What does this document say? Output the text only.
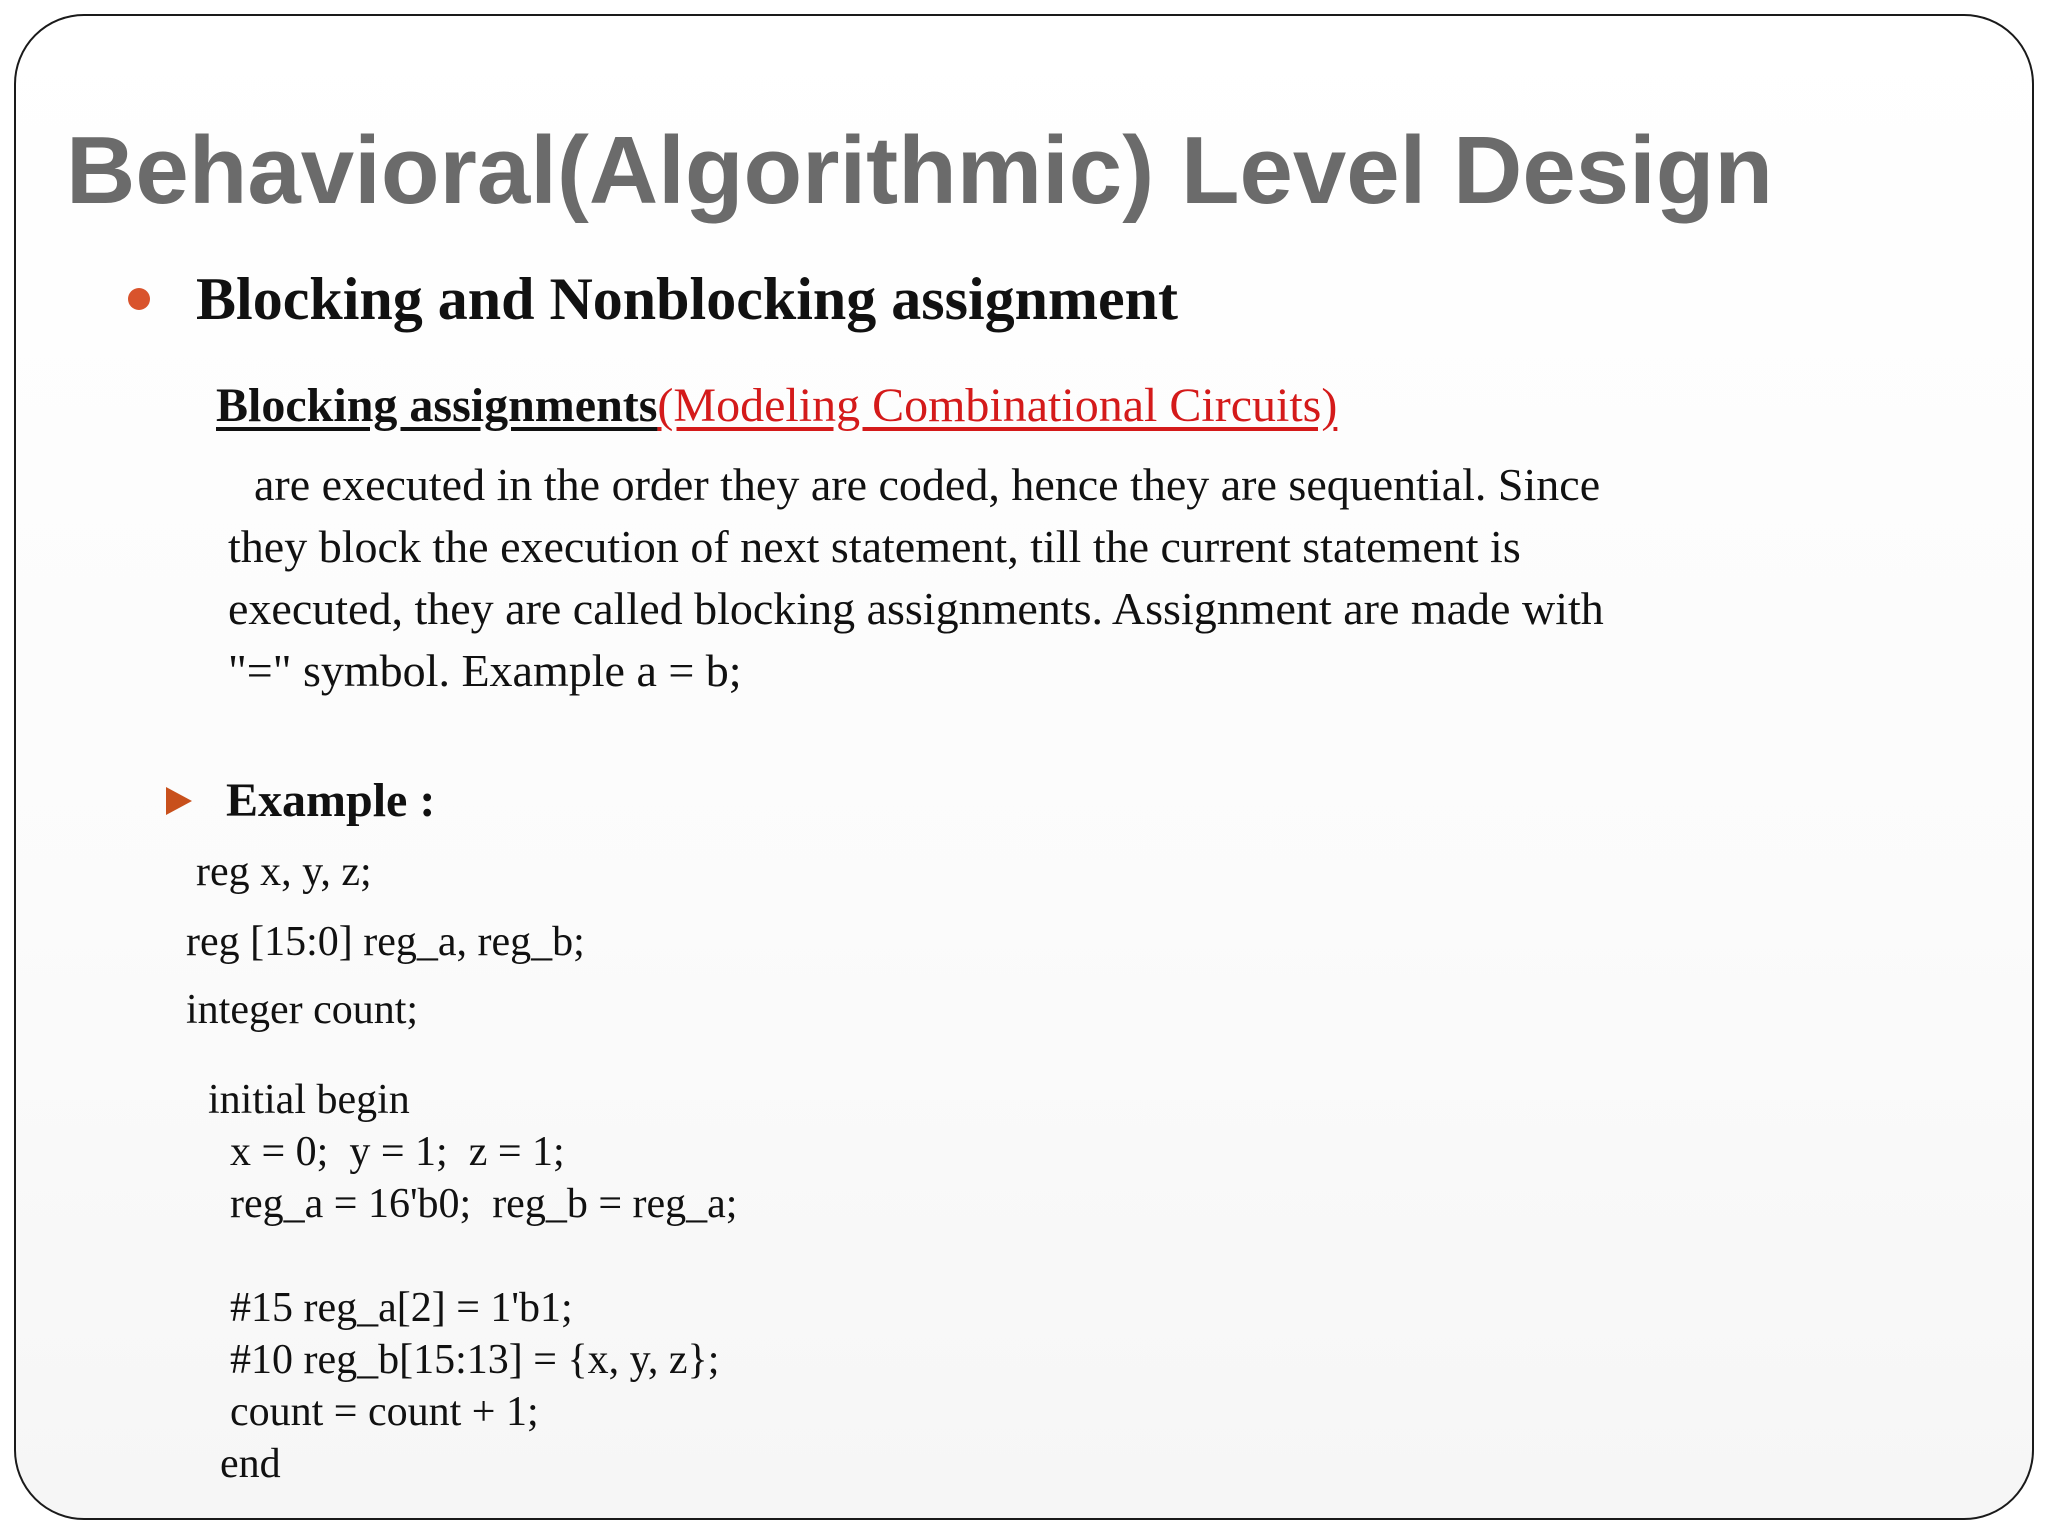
Behavioral(Algorithmic) Level Design
Blocking and Nonblocking assignment
Blocking assignments(Modeling Combinational Circuits)
are executed in the order they are coded, hence they are sequential. Since
they block the execution of next statement, till the current statement is
executed, they are called blocking assignments. Assignment are made with
"=" symbol. Example a = b;
Example :
reg x, y, z;
reg [15:0] reg_a, reg_b;
integer count;
initial begin
x = 0;  y = 1;  z = 1;
reg_a = 16'b0;  reg_b = reg_a;
#15 reg_a[2] = 1'b1;
#10 reg_b[15:13] = {x, y, z};
count = count + 1;
end
